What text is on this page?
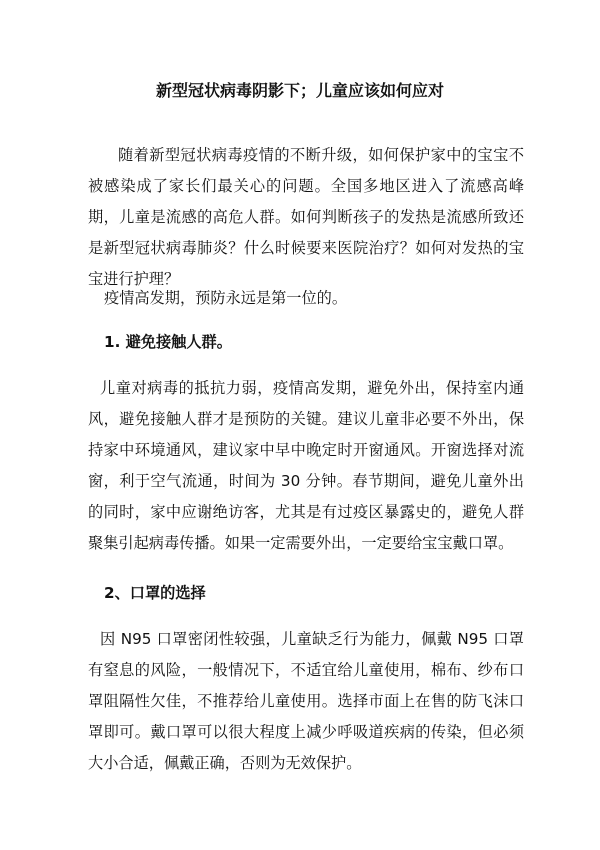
新型冠状病毒阴影下；儿童应该如何应对

随着新型冠状病毒疫情的不断升级，如何保护家中的宝宝不被感染成了家长们最关心的问题。全国多地区进入了流感高峰期，儿童是流感的高危人群。如何判断孩子的发热是流感所致还是新型冠状病毒肺炎？什么时候要来医院治疗？如何对发热的宝宝进行护理？

疫情高发期，预防永远是第一位的。

1. 避免接触人群。

儿童对病毒的抵抗力弱，疫情高发期，避免外出，保持室内通风，避免接触人群才是预防的关键。建议儿童非必要不外出，保持家中环境通风，建议家中早中晚定时开窗通风。开窗选择对流窗，利于空气流通，时间为 30 分钟。春节期间，避免儿童外出的同时，家中应谢绝访客，尤其是有过疫区暴露史的，避免人群聚集引起病毒传播。如果一定需要外出，一定要给宝宝戴口罩。

2、口罩的选择

因 N95 口罩密闭性较强，儿童缺乏行为能力，佩戴 N95 口罩有窒息的风险，一般情况下，不适宜给儿童使用，棉布、纱布口罩阻隔性欠佳，不推荐给儿童使用。选择市面上在售的防飞沫口罩即可。戴口罩可以很大程度上减少呼吸道疾病的传染，但必须大小合适，佩戴正确，否则为无效保护。
